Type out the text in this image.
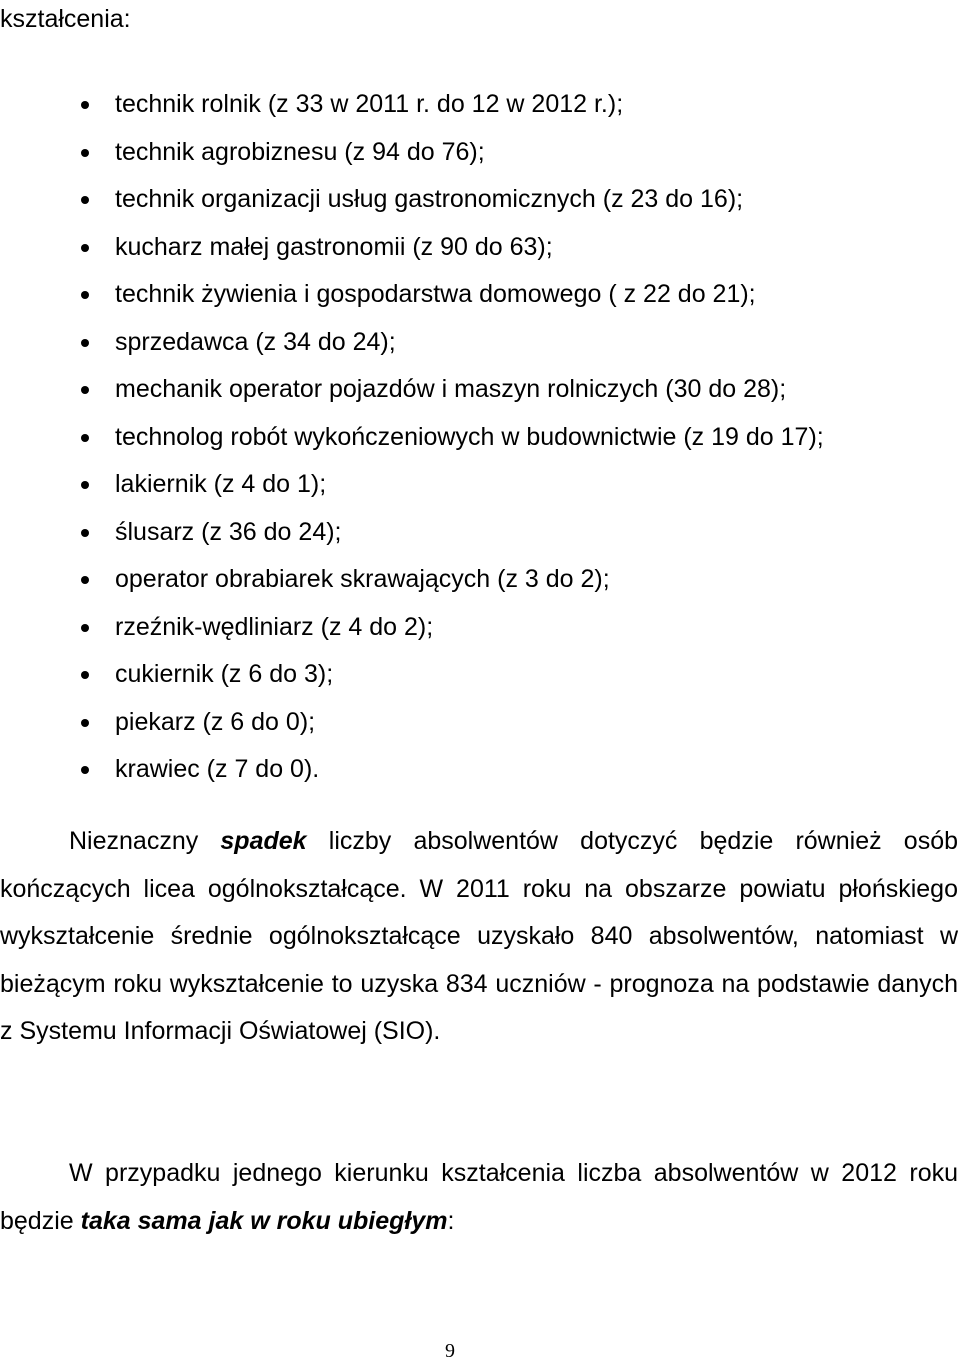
kształcenia:

technik rolnik (z 33 w 2011 r. do 12 w 2012 r.);
technik agrobiznesu (z 94 do 76);
technik organizacji usług gastronomicznych (z 23 do 16);
kucharz małej gastronomii (z 90 do 63);
technik żywienia i gospodarstwa domowego ( z 22 do 21);
sprzedawca (z 34 do 24);
mechanik operator pojazdów i maszyn rolniczych (30 do 28);
technolog robót wykończeniowych w budownictwie (z 19 do 17);
lakiernik (z 4 do 1);
ślusarz (z 36 do 24);
operator obrabiarek skrawających (z 3 do 2);
rzeźnik-wędliniarz (z 4 do 2);
cukiernik (z 6 do 3);
piekarz (z 6 do 0);
krawiec (z 7 do 0).

Nieznaczny spadek liczby absolwentów dotyczyć będzie również osób kończących licea ogólnokształcące. W 2011 roku na obszarze powiatu płońskiego wykształcenie średnie ogólnokształcące uzyskało 840 absolwentów, natomiast w bieżącym roku wykształcenie to uzyska 834 uczniów - prognoza na podstawie danych z Systemu Informacji Oświatowej (SIO).

W przypadku jednego kierunku kształcenia liczba absolwentów w 2012 roku będzie taka sama jak w roku ubiegłym:

9
